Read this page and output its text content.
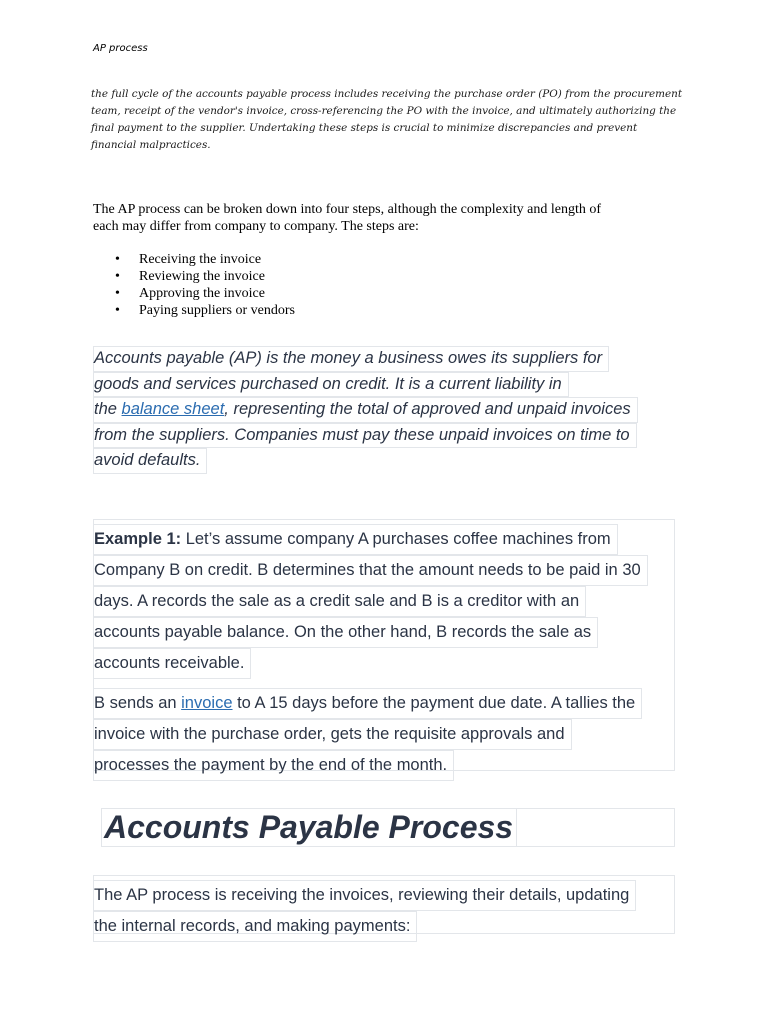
AP process
the full cycle of the accounts payable process includes receiving the purchase order (PO) from the procurement
team, receipt of the vendor's invoice, cross-referencing the PO with the invoice, and ultimately authorizing the
final payment to the supplier. Undertaking these steps is crucial to minimize discrepancies and prevent
financial malpractices.
The AP process can be broken down into four steps, although the complexity and length of
each may differ from company to company. The steps are:
• Receiving the invoice
• Reviewing the invoice
• Approving the invoice
• Paying suppliers or vendors
Accounts payable (AP) is the money a business owes its suppliers for
goods and services purchased on credit. It is a current liability in
the balance sheet, representing the total of approved and unpaid invoices
from the suppliers. Companies must pay these unpaid invoices on time to
avoid defaults.
Example 1: Let’s assume company A purchases coffee machines from
Company B on credit. B determines that the amount needs to be paid in 30
days. A records the sale as a credit sale and B is a creditor with an
accounts payable balance. On the other hand, B records the sale as
accounts receivable.
B sends an invoice to A 15 days before the payment due date. A tallies the
invoice with the purchase order, gets the requisite approvals and
processes the payment by the end of the month.
Accounts Payable Process
The AP process is receiving the invoices, reviewing their details, updating
the internal records, and making payments:
